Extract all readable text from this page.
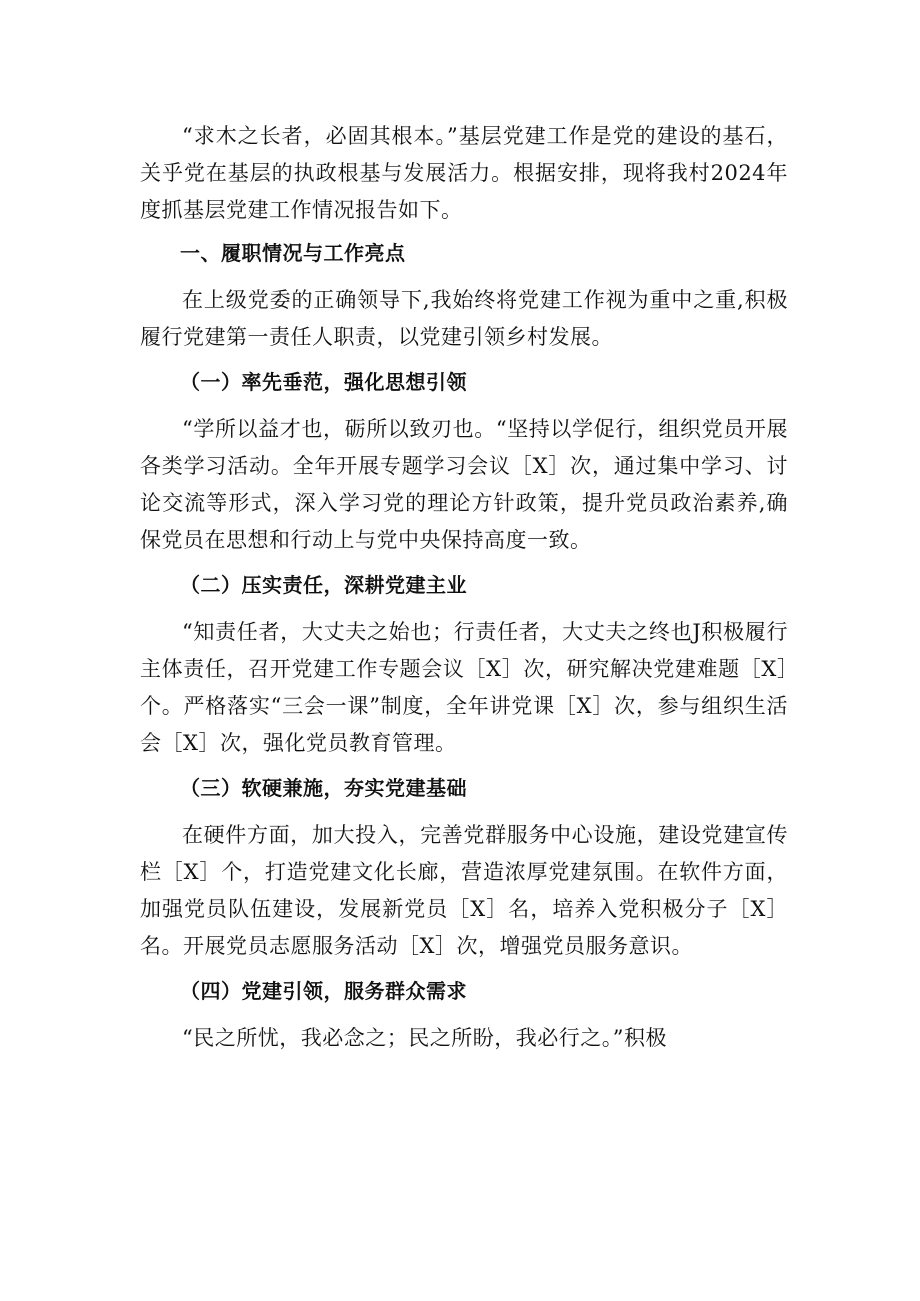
“求木之长者，必固其根本。”基层党建工作是党的建设的基石，关乎党在基层的执政根基与发展活力。根据安排，现将我村2024年度抓基层党建工作情况报告如下。

一、履职情况与工作亮点

在上级党委的正确领导下,我始终将党建工作视为重中之重,积极履行党建第一责任人职责，以党建引领乡村发展。

（一）率先垂范，强化思想引领

“学所以益才也，砺所以致刃也。“坚持以学促行，组织党员开展各类学习活动。全年开展专题学习会议［X］次，通过集中学习、讨论交流等形式，深入学习党的理论方针政策，提升党员政治素养,确保党员在思想和行动上与党中央保持高度一致。

（二）压实责任，深耕党建主业

“知责任者，大丈夫之始也；行责任者，大丈夫之终也J积极履行主体责任，召开党建工作专题会议［X］次，研究解决党建难题［X］个。严格落实“三会一课”制度，全年讲党课［X］次，参与组织生活会［X］次，强化党员教育管理。

（三）软硬兼施，夯实党建基础

在硬件方面，加大投入，完善党群服务中心设施，建设党建宣传栏［X］个，打造党建文化长廊，营造浓厚党建氛围。在软件方面，加强党员队伍建设，发展新党员［X］名，培养入党积极分子［X］名。开展党员志愿服务活动［X］次，增强党员服务意识。

（四）党建引领，服务群众需求

“民之所忧，我必念之；民之所盼，我必行之。”积极
